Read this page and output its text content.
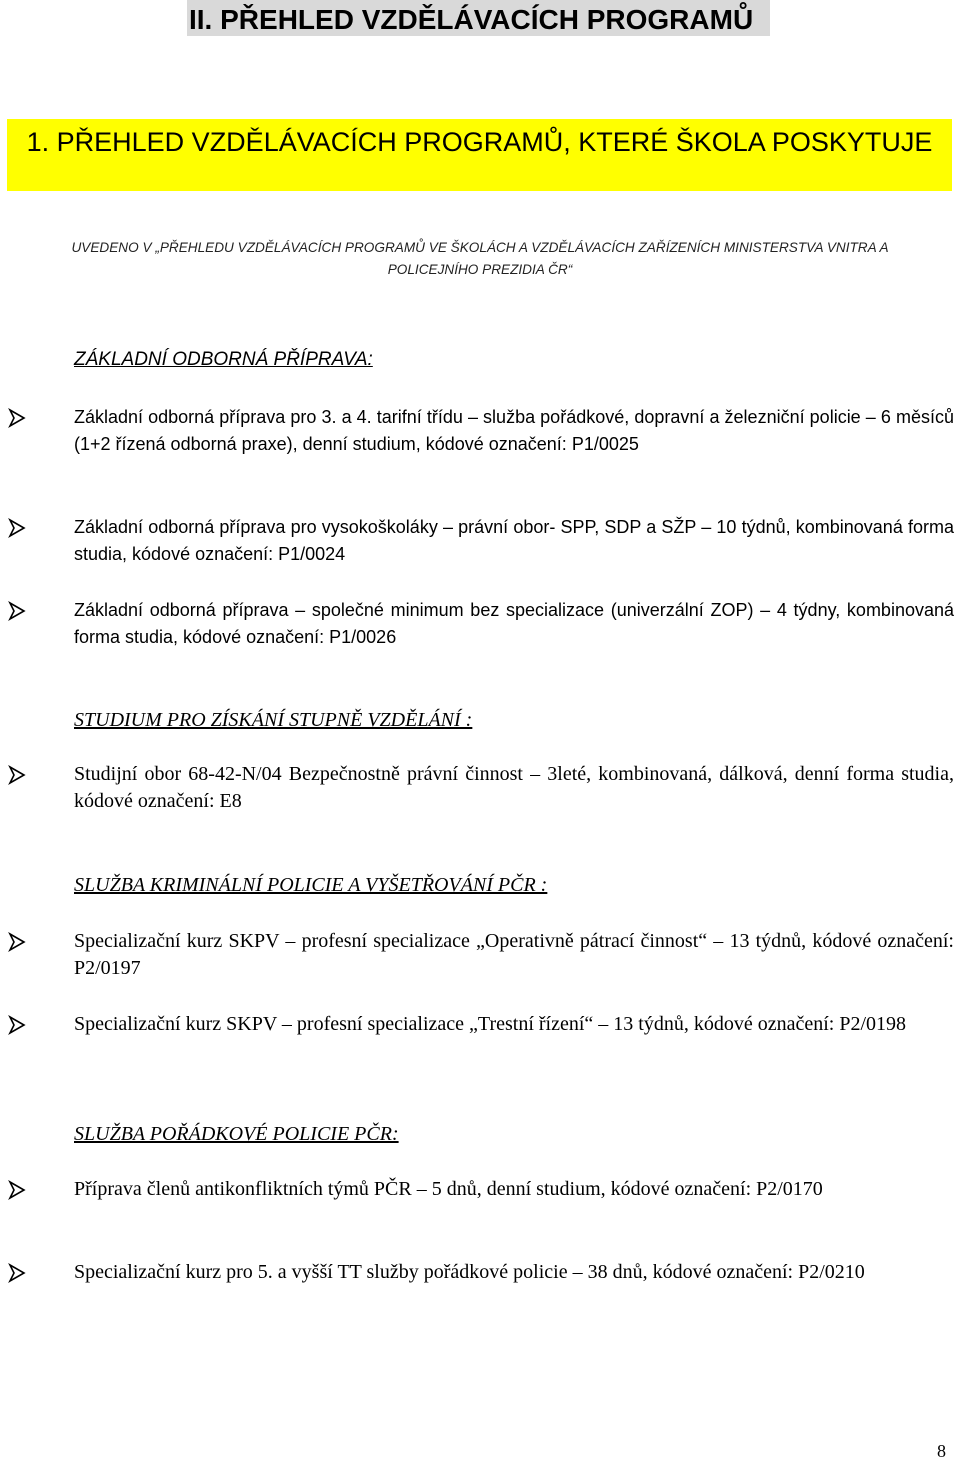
II. PŘEHLED VZDĚLÁVACÍCH PROGRAMŮ
1. PŘEHLED VZDĚLÁVACÍCH PROGRAMŮ, KTERÉ ŠKOLA POSKYTUJE
UVEDENO V „PŘEHLEDU VZDĚLÁVACÍCH PROGRAMŮ VE ŠKOLÁCH A VZDĚLÁVACÍCH ZAŘÍZENÍCH MINISTERSTVA VNITRA A POLICEJNÍHO PREZIDIA ČR“
ZÁKLADNÍ ODBORNÁ PŘÍPRAVA:
Základní odborná příprava pro 3. a 4. tarifní třídu – služba pořádkové, dopravní a železniční policie – 6 měsíců (1+2 řízená odborná praxe), denní studium, kódové označení: P1/0025
Základní odborná příprava pro vysokoškoláky – právní obor- SPP, SDP a SŽP – 10 týdnů, kombinovaná forma studia, kódové označení: P1/0024
Základní odborná příprava – společné minimum bez specializace (univerzální ZOP) – 4 týdny, kombinovaná forma studia, kódové označení: P1/0026
STUDIUM PRO ZÍSKÁNÍ STUPNĚ VZDĚLÁNÍ :
Studijní obor 68-42-N/04 Bezpečnostně právní činnost – 3leté, kombinovaná, dálková, denní forma studia, kódové označení: E8
SLUŽBA KRIMINÁLNÍ POLICIE A VYŠETŘOVÁNÍ PČR :
Specializační kurz SKPV – profesní specializace „Operativně pátrací činnost“ – 13 týdnů, kódové označení: P2/0197
Specializační kurz SKPV – profesní specializace „Trestní řízení“ – 13 týdnů, kódové označení: P2/0198
SLUŽBA POŘÁDKOVÉ POLICIE PČR:
Příprava členů antikonfliktních týmů PČR – 5 dnů, denní studium, kódové označení: P2/0170
Specializační kurz pro 5. a vyšší TT služby pořádkové policie – 38 dnů, kódové označení: P2/0210
8
